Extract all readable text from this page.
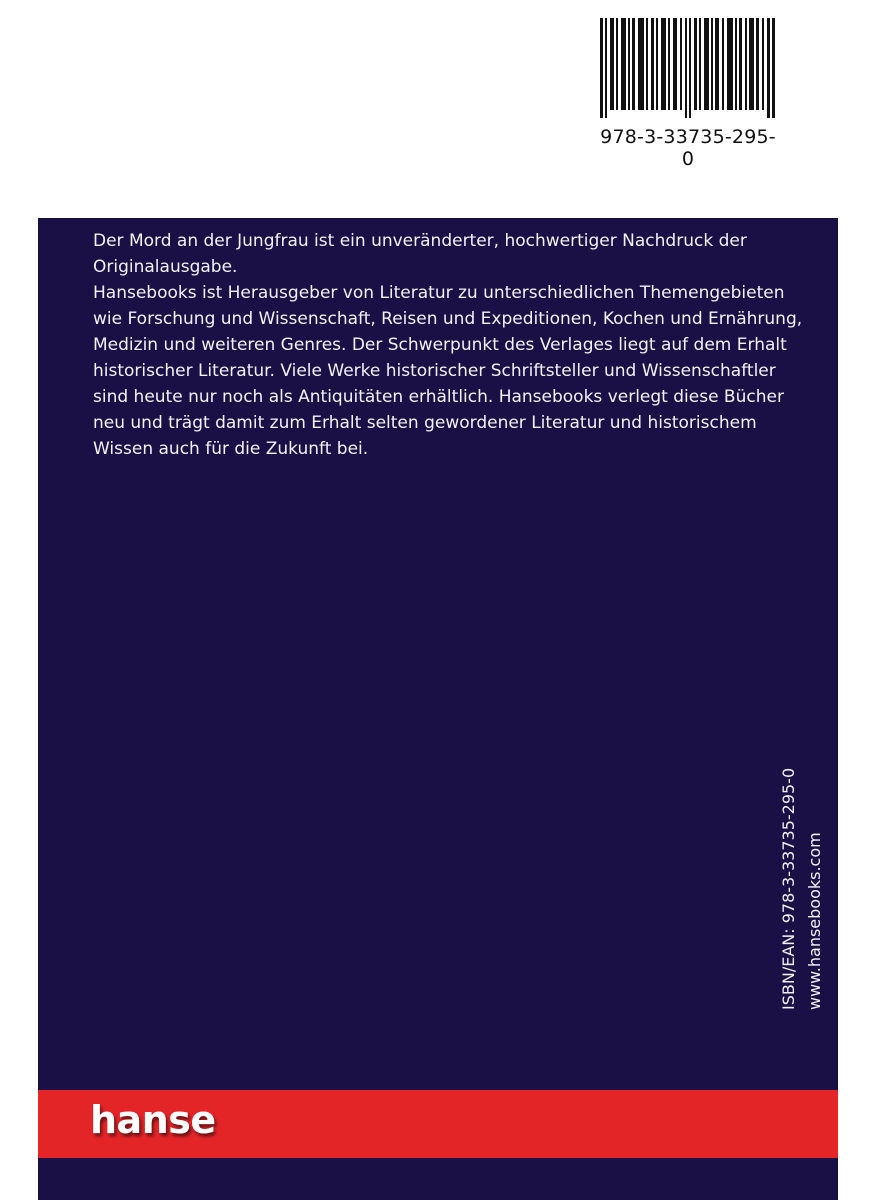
978-3-33735-295-0

Der Mord an der Jungfrau ist ein unveränderter, hochwertiger Nachdruck der Originalausgabe.

Hansebooks ist Herausgeber von Literatur zu unterschiedlichen Themengebieten wie Forschung und Wissenschaft, Reisen und Expeditionen, Kochen und Ernährung, Medizin und weiteren Genres. Der Schwerpunkt des Verlages liegt auf dem Erhalt historischer Literatur. Viele Werke historischer Schriftsteller und Wissenschaftler sind heute nur noch als Antiquitäten erhältlich. Hansebooks verlegt diese Bücher neu und trägt damit zum Erhalt selten gewordener Literatur und historischem Wissen auch für die Zukunft bei.

ISBN/EAN: 978-3-33735-295-0 www.hansebooks.com
hanse
